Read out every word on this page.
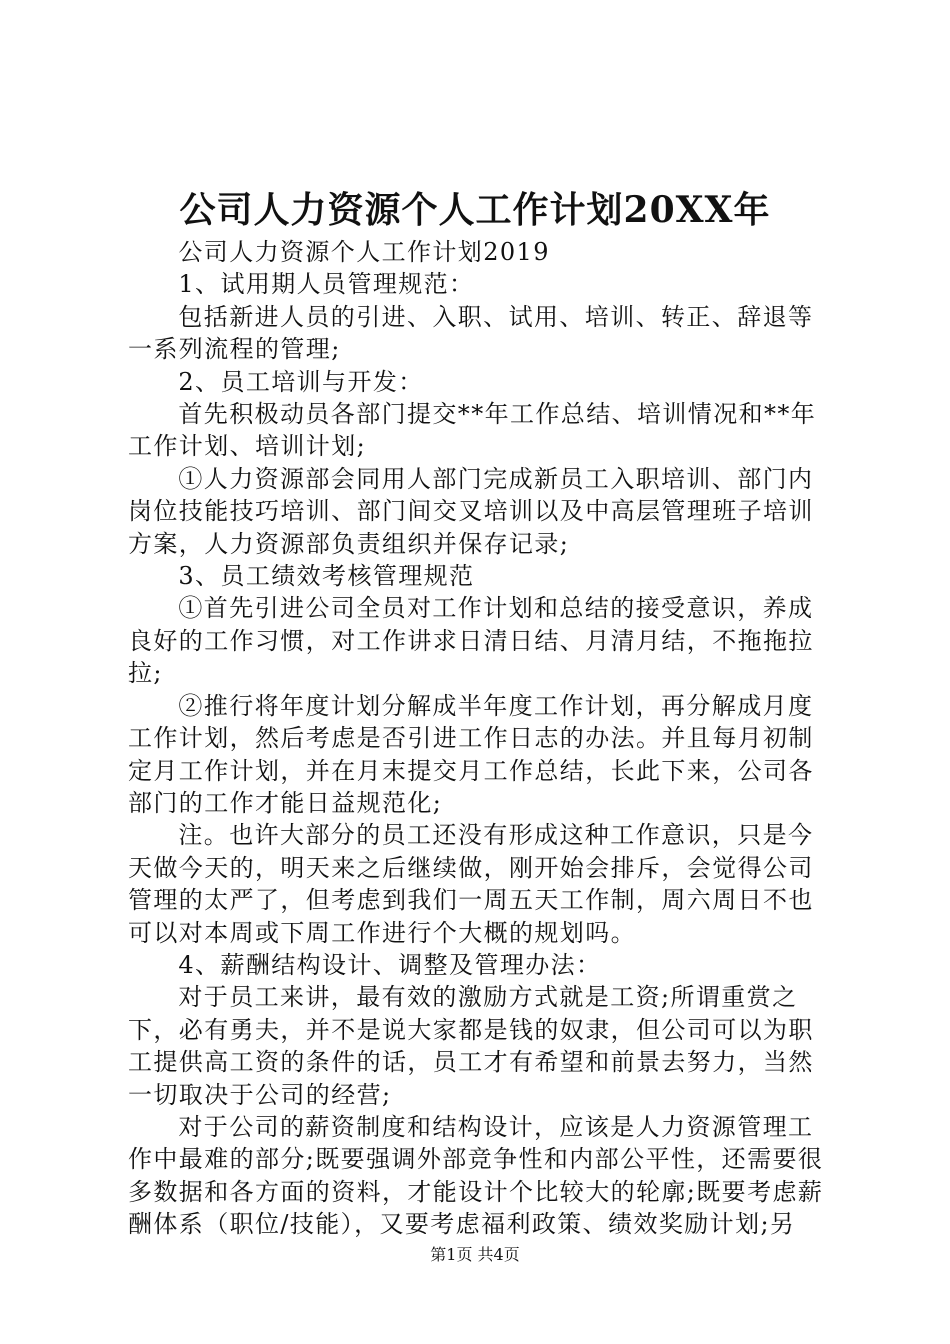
公司人力资源个人工作计划20XX年

公司人力资源个人工作计划2019

1、试用期人员管理规范：

包括新进人员的引进、入职、试用、培训、转正、辞退等一系列流程的管理;

2、员工培训与开发：

首先积极动员各部门提交**年工作总结、培训情况和**年工作计划、培训计划;

①人力资源部会同用人部门完成新员工入职培训、部门内岗位技能技巧培训、部门间交叉培训以及中高层管理班子培训方案，人力资源部负责组织并保存记录;

3、员工绩效考核管理规范

①首先引进公司全员对工作计划和总结的接受意识，养成良好的工作习惯，对工作讲求日清日结、月清月结，不拖拖拉拉;

②推行将年度计划分解成半年度工作计划，再分解成月度工作计划，然后考虑是否引进工作日志的办法。并且每月初制定月工作计划，并在月末提交月工作总结，长此下来，公司各部门的工作才能日益规范化;

注。也许大部分的员工还没有形成这种工作意识，只是今天做今天的，明天来之后继续做，刚开始会排斥，会觉得公司管理的太严了，但考虑到我们一周五天工作制，周六周日不也可以对本周或下周工作进行个大概的规划吗。

4、薪酬结构设计、调整及管理办法：

对于员工来讲，最有效的激励方式就是工资;所谓重赏之下，必有勇夫，并不是说大家都是钱的奴隶，但公司可以为职工提供高工资的条件的话，员工才有希望和前景去努力，当然一切取决于公司的经营;

对于公司的薪资制度和结构设计，应该是人力资源管理工作中最难的部分;既要强调外部竞争性和内部公平性，还需要很多数据和各方面的资料，才能设计个比较大的轮廓;既要考虑薪酬体系（职位/技能），又要考虑福利政策、绩效奖励计划;另

第1页 共4页
